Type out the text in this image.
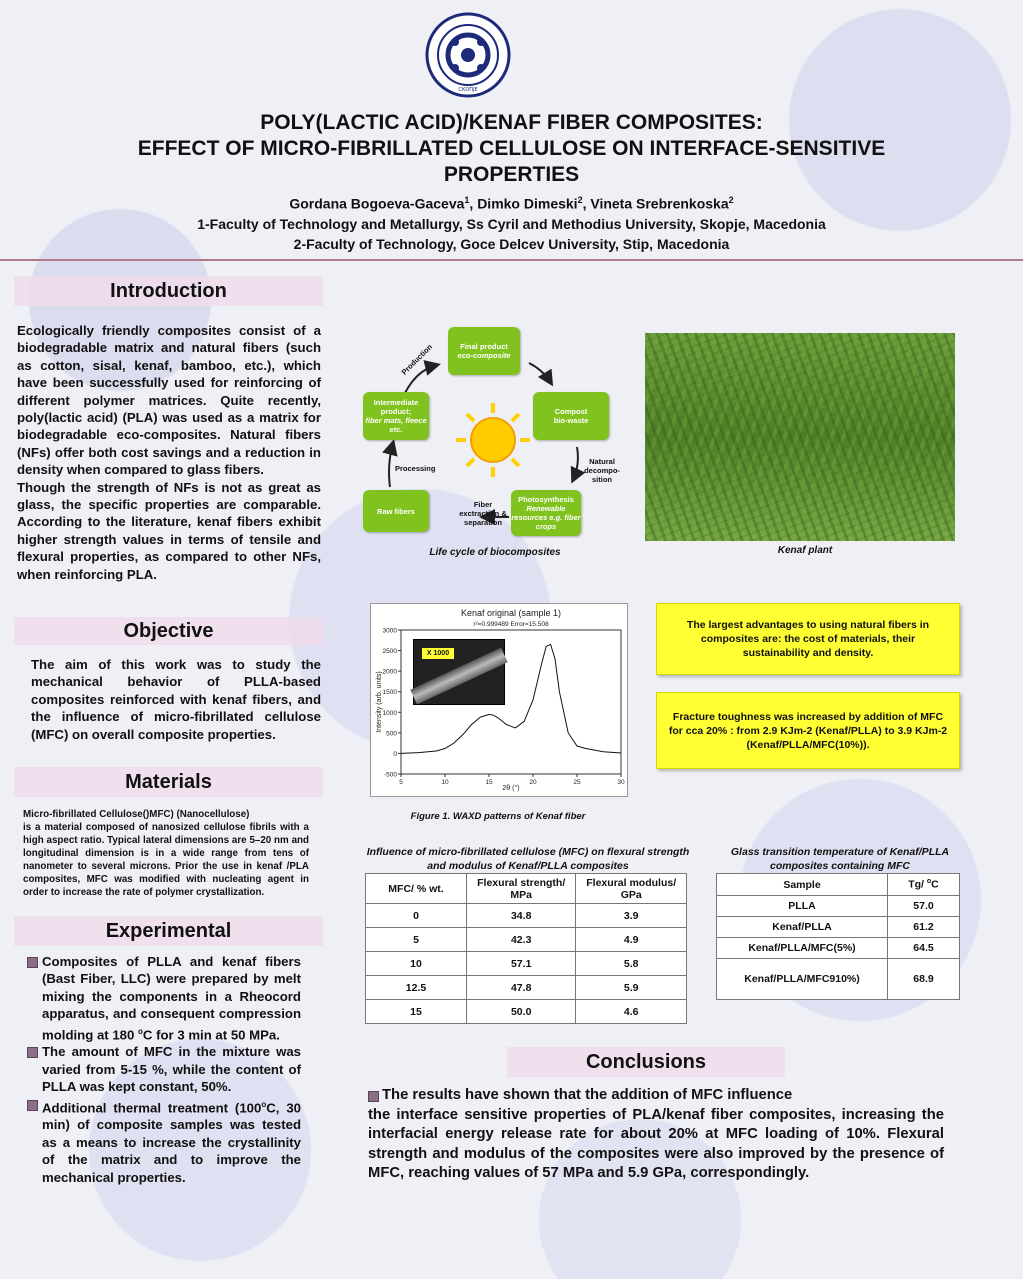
СКОПЈЕ
POLY(LACTIC ACID)/KENAF FIBER COMPOSITES:
EFFECT OF MICRO-FIBRILLATED CELLULOSE ON INTERFACE-SENSITIVE
PROPERTIES
Gordana Bogoeva-Gaceva$^1$, Dimko Dimeski$^2$, Vineta Srebrenkoska$^2$
1-Faculty of Technology and Metallurgy, Ss Cyril and Methodius University, Skopje, Macedonia
2-Faculty of Technology, Goce Delcev University, Stip, Macedonia
Introduction
Ecologically friendly composites consist of a biodegradable matrix and natural fibers (such as cotton, sisal, kenaf, bamboo, etc.), which have been successfully used for reinforcing of different polymer matrices. Quite recently, poly(lactic acid) (PLA) was used as a matrix for biodegradable eco-composites. Natural fibers (NFs) offer both cost savings and a reduction in density when compared to glass fibers.
Though the strength of NFs is not as great as glass, the specific properties are comparable. According to the literature, kenaf fibers exhibit higher strength values in terms of tensile and flexural properties, as compared to other NFs, when reinforcing PLA.
Objective
The aim of this work was to study the mechanical behavior of PLLA-based composites reinforced with kenaf fibers, and the influence of micro-fibrillated cellulose (MFC) on overall composite properties.
Materials
Micro-fibrillated Cellulose()MFC) (Nanocellulose)
is a material composed of nanosized cellulose fibrils with a high aspect ratio. Typical lateral dimensions are 5–20 nm and longitudinal dimension is in a wide range from tens of nanometer to several microns. Prior the use in kenaf /PLA composites, MFC was modified with nucleating agent in order to increase the rate of polymer crystallization.
Experimental
Composites of PLLA and kenaf fibers (Bast Fiber, LLC) were prepared by melt mixing the components in a Rheocord apparatus, and consequent compression molding at 180 $^o$C for 3 min at 50 MPa.
The amount of MFC in the mixture was varied from 5-15 %, while the content of PLLA was kept constant, 50%.
Additional thermal treatment (100$^o$C, 30 min) of composite samples was tested as a means to increase the crystallinity of the matrix and to improve the mechanical properties.
Final product
eco-composite
Compost
bio-waste
Intermediate product;
fiber mats, fleece etc.
Raw fibers
Photosynthesis
Renewable resources e.g. fiber crops
Production
Processing
Natural decompo-sition
Fiber exctraction & separation
Life cycle of biocomposites	Kenaf plant
Kenaf original (sample 1)
r²=0.999489 Error=15.508
-500
0
500
1000
1500
2000
2500
3000
5	10	15	20	25	30
2θ (°)
Intensity (arb. units)
X 1000
Figure 1. WAXD patterns of Kenaf fiber
The largest advantages to using natural fibers in composites are: the cost of materials, their sustainability and density.
Fracture toughness was increased by addition of MFC for cca 20% : from 2.9 KJm-2 (Kenaf/PLLA) to 3.9 KJm-2 (Kenaf/PLLA/MFC(10%)).
Influence of micro-fibrillated cellulose (MFC) on flexural strength and modulus of Kenaf/PLLA composites
MFC/ % wt.	Flexural strength/ MPa	Flexural modulus/ GPa
0	34.8	3.9
5	42.3	4.9
10	57.1	5.8
12.5	47.8	5.9
15	50.0	4.6
Glass transition temperature of Kenaf/PLLA composites containing MFC
Sample	Tg/ $^o$C
PLLA	57.0
Kenaf/PLLA	61.2
Kenaf/PLLA/MFC(5%)	64.5
Kenaf/PLLA/MFC910%)	68.9
Conclusions
The results have shown that the addition of MFC influence
the interface sensitive properties of PLA/kenaf fiber composites, increasing the interfacial energy release rate for about 20% at MFC loading of 10%. Flexural strength and modulus of the composites were also improved by the presence of MFC, reaching values of 57 MPa and 5.9 GPa, correspondingly.
